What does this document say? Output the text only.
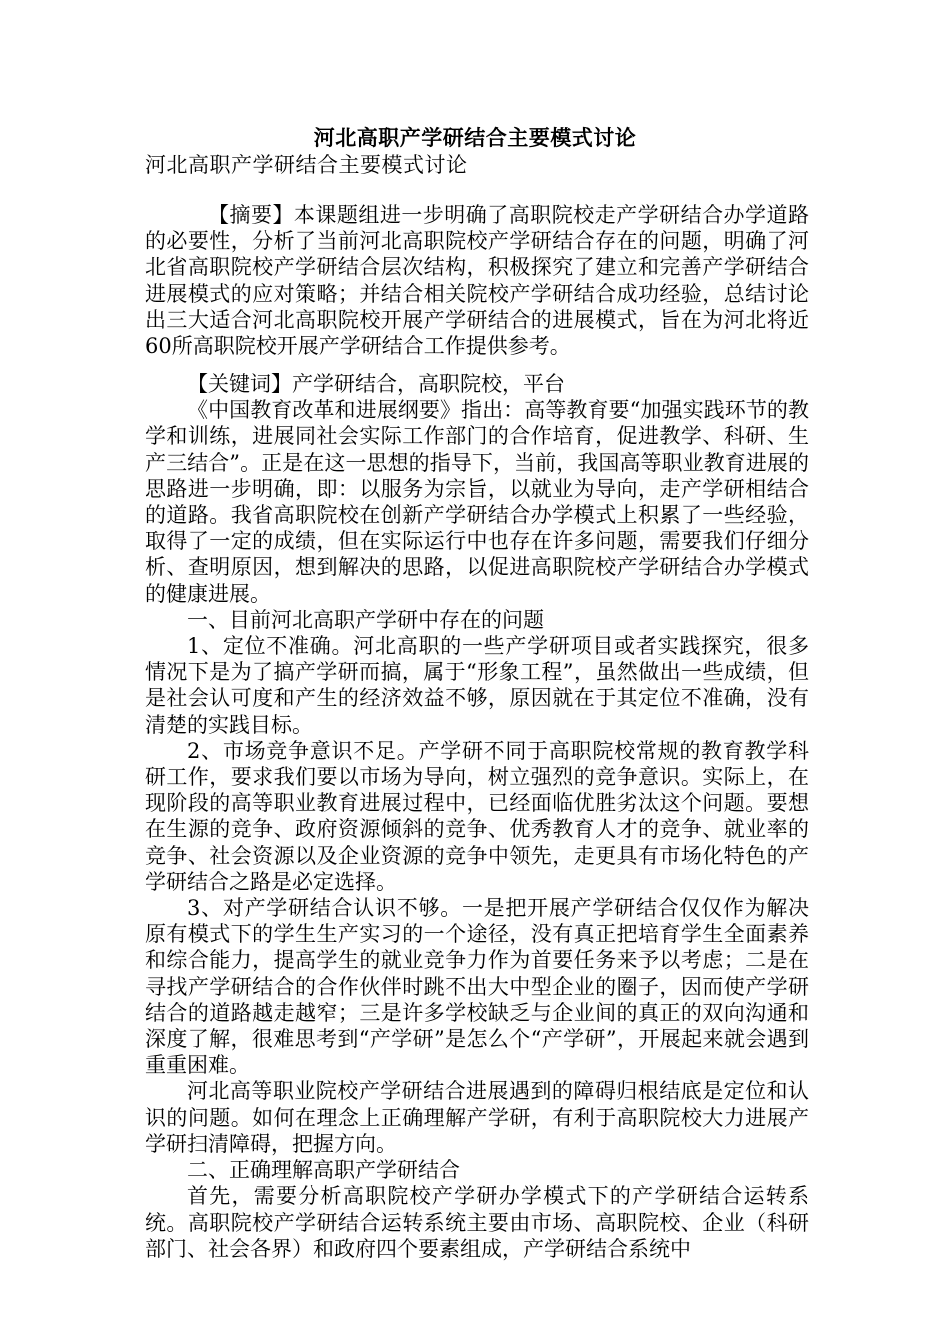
河北高职产学研结合主要模式讨论
河北高职产学研结合主要模式讨论

【摘要】本课题组进一步明确了高职院校走产学研结合办学道路的必要性，分析了当前河北高职院校产学研结合存在的问题，明确了河北省高职院校产学研结合层次结构，积极探究了建立和完善产学研结合进展模式的应对策略；并结合相关院校产学研结合成功经验，总结讨论出三大适合河北高职院校开展产学研结合的进展模式，旨在为河北将近60所高职院校开展产学研结合工作提供参考。

【关键词】产学研结合，高职院校，平台

《中国教育改革和进展纲要》指出：高等教育要“加强实践环节的教学和训练，进展同社会实际工作部门的合作培育，促进教学、科研、生产三结合”。正是在这一思想的指导下，当前，我国高等职业教育进展的思路进一步明确，即：以服务为宗旨，以就业为导向，走产学研相结合的道路。我省高职院校在创新产学研结合办学模式上积累了一些经验，取得了一定的成绩，但在实际运行中也存在许多问题，需要我们仔细分析、查明原因，想到解决的思路，以促进高职院校产学研结合办学模式的健康进展。

一、目前河北高职产学研中存在的问题

1、定位不准确。河北高职的一些产学研项目或者实践探究，很多情况下是为了搞产学研而搞，属于“形象工程”，虽然做出一些成绩，但是社会认可度和产生的经济效益不够，原因就在于其定位不准确，没有清楚的实践目标。

2、市场竞争意识不足。产学研不同于高职院校常规的教育教学科研工作，要求我们要以市场为导向，树立强烈的竞争意识。实际上，在现阶段的高等职业教育进展过程中，已经面临优胜劣汰这个问题。要想在生源的竞争、政府资源倾斜的竞争、优秀教育人才的竞争、就业率的竞争、社会资源以及企业资源的竞争中领先，走更具有市场化特色的产学研结合之路是必定选择。

3、对产学研结合认识不够。一是把开展产学研结合仅仅作为解决原有模式下的学生生产实习的一个途径，没有真正把培育学生全面素养和综合能力，提高学生的就业竞争力作为首要任务来予以考虑；二是在寻找产学研结合的合作伙伴时跳不出大中型企业的圈子，因而使产学研结合的道路越走越窄；三是许多学校缺乏与企业间的真正的双向沟通和深度了解，很难思考到“产学研”是怎么个“产学研”，开展起来就会遇到重重困难。

河北高等职业院校产学研结合进展遇到的障碍归根结底是定位和认识的问题。如何在理念上正确理解产学研，有利于高职院校大力进展产学研扫清障碍，把握方向。

二、正确理解高职产学研结合

首先，需要分析高职院校产学研办学模式下的产学研结合运转系统。高职院校产学研结合运转系统主要由市场、高职院校、企业（科研部门、社会各界）和政府四个要素组成，产学研结合系统中
